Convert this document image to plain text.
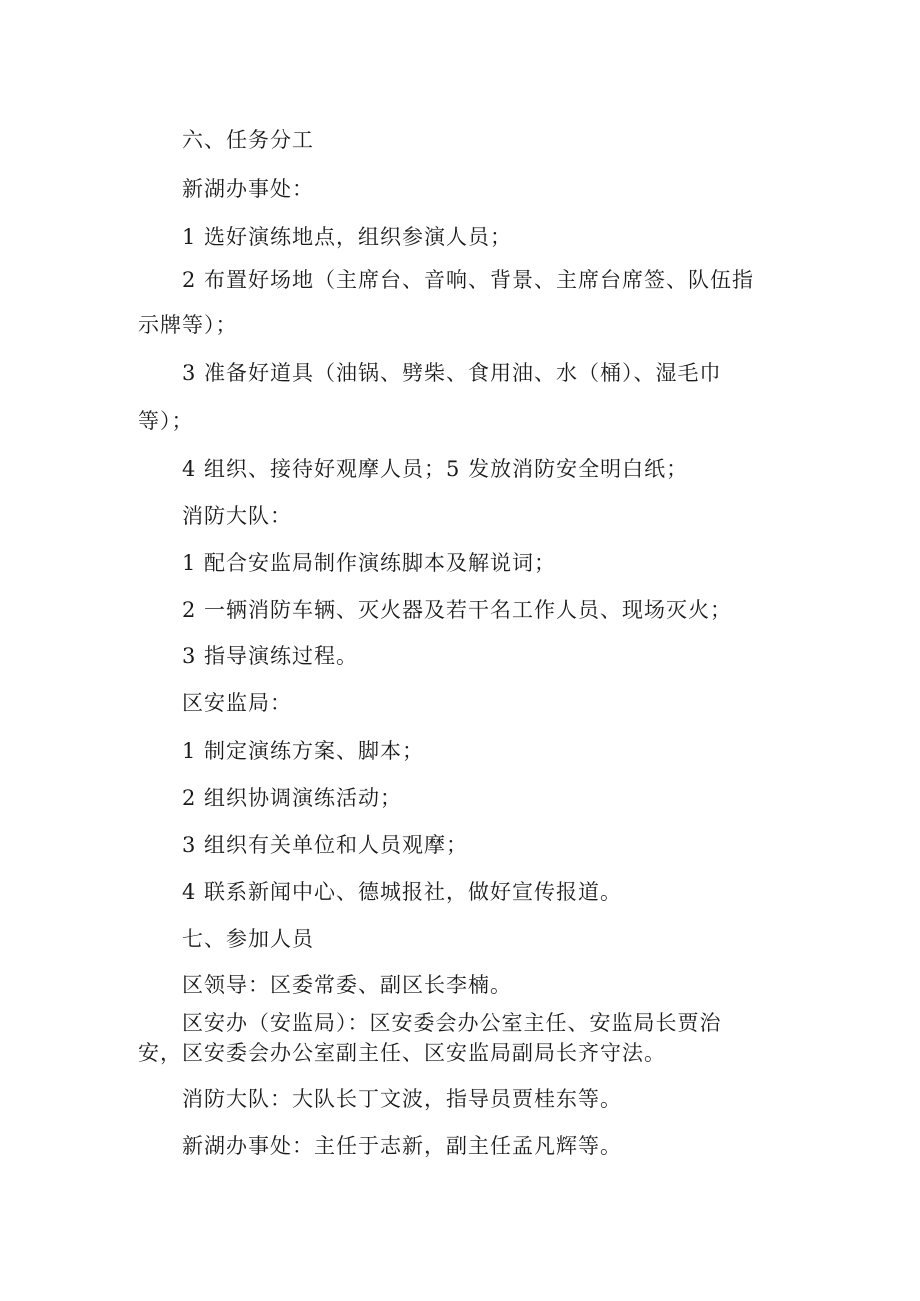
六、任务分工
新湖办事处：
1 选好演练地点，组织参演人员；
2 布置好场地（主席台、音响、背景、主席台席签、队伍指
示牌等）；
3 准备好道具（油锅、劈柴、食用油、水（桶）、湿毛巾
等）；
4 组织、接待好观摩人员；5 发放消防安全明白纸；
消防大队：
1 配合安监局制作演练脚本及解说词；
2 一辆消防车辆、灭火器及若干名工作人员、现场灭火；
3 指导演练过程。
区安监局：
1 制定演练方案、脚本；
2 组织协调演练活动；
3 组织有关单位和人员观摩；
4 联系新闻中心、德城报社，做好宣传报道。
七、参加人员
区领导：区委常委、副区长李楠。
区安办（安监局）：区安委会办公室主任、安监局长贾治
安，区安委会办公室副主任、区安监局副局长齐守法。
消防大队：大队长丁文波，指导员贾桂东等。
新湖办事处：主任于志新，副主任孟凡辉等。
